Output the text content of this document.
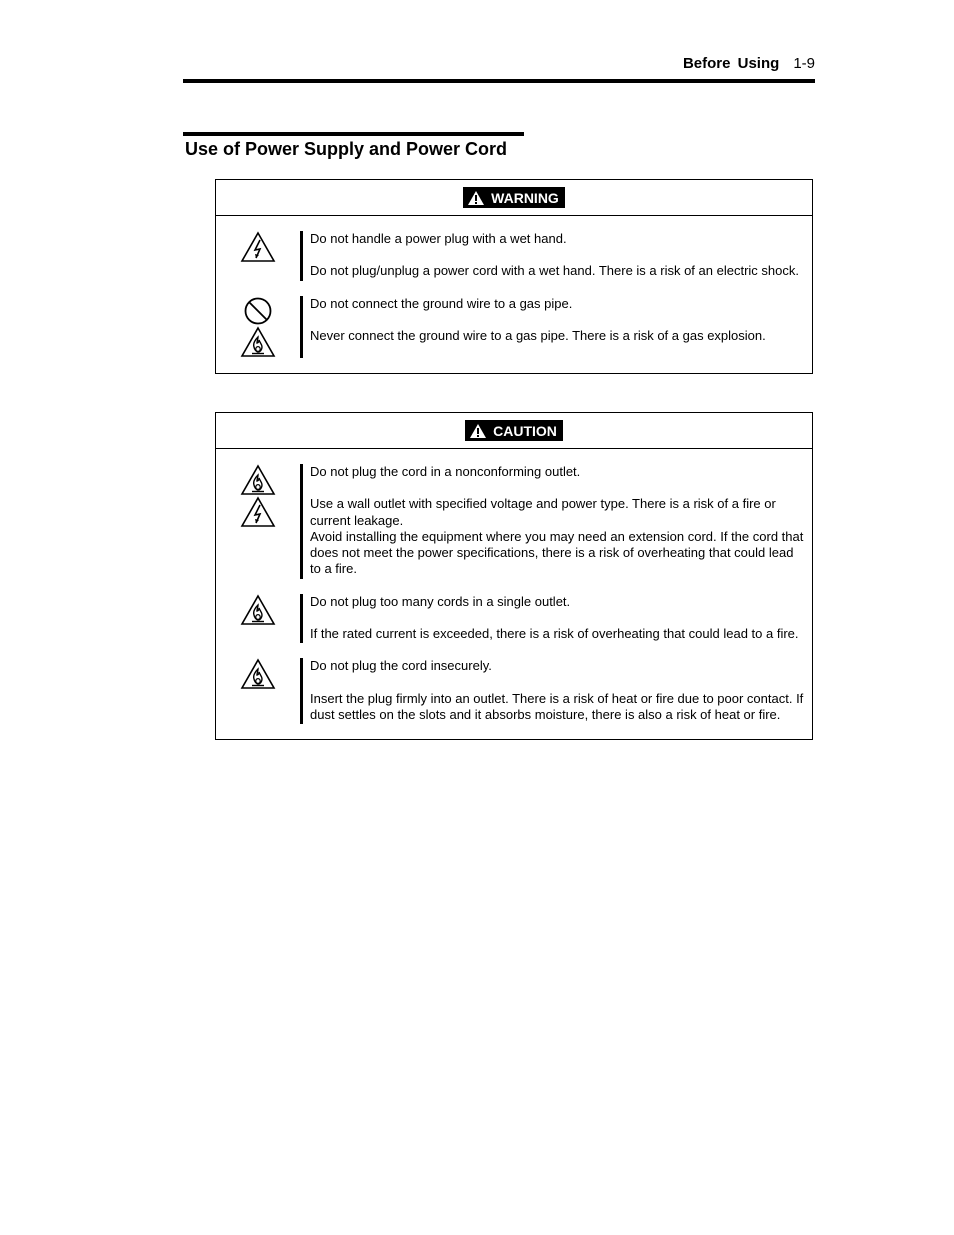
Before Using 1-9
Use of Power Supply and Power Cord
WARNING

Do not handle a power plug with a wet hand.

Do not plug/unplug a power cord with a wet hand. There is a risk of an electric shock.

Do not connect the ground wire to a gas pipe.

Never connect the ground wire to a gas pipe. There is a risk of a gas explosion.

CAUTION

Do not plug the cord in a nonconforming outlet.

Use a wall outlet with specified voltage and power type. There is a risk of a fire or current leakage.

Avoid installing the equipment where you may need an extension cord. If the cord that does not meet the power specifications, there is a risk of overheating that could lead to a fire.

Do not plug too many cords in a single outlet.

If the rated current is exceeded, there is a risk of overheating that could lead to a fire.

Do not plug the cord insecurely.

Insert the plug firmly into an outlet. There is a risk of heat or fire due to poor contact. If dust settles on the slots and it absorbs moisture, there is also a risk of heat or fire.
